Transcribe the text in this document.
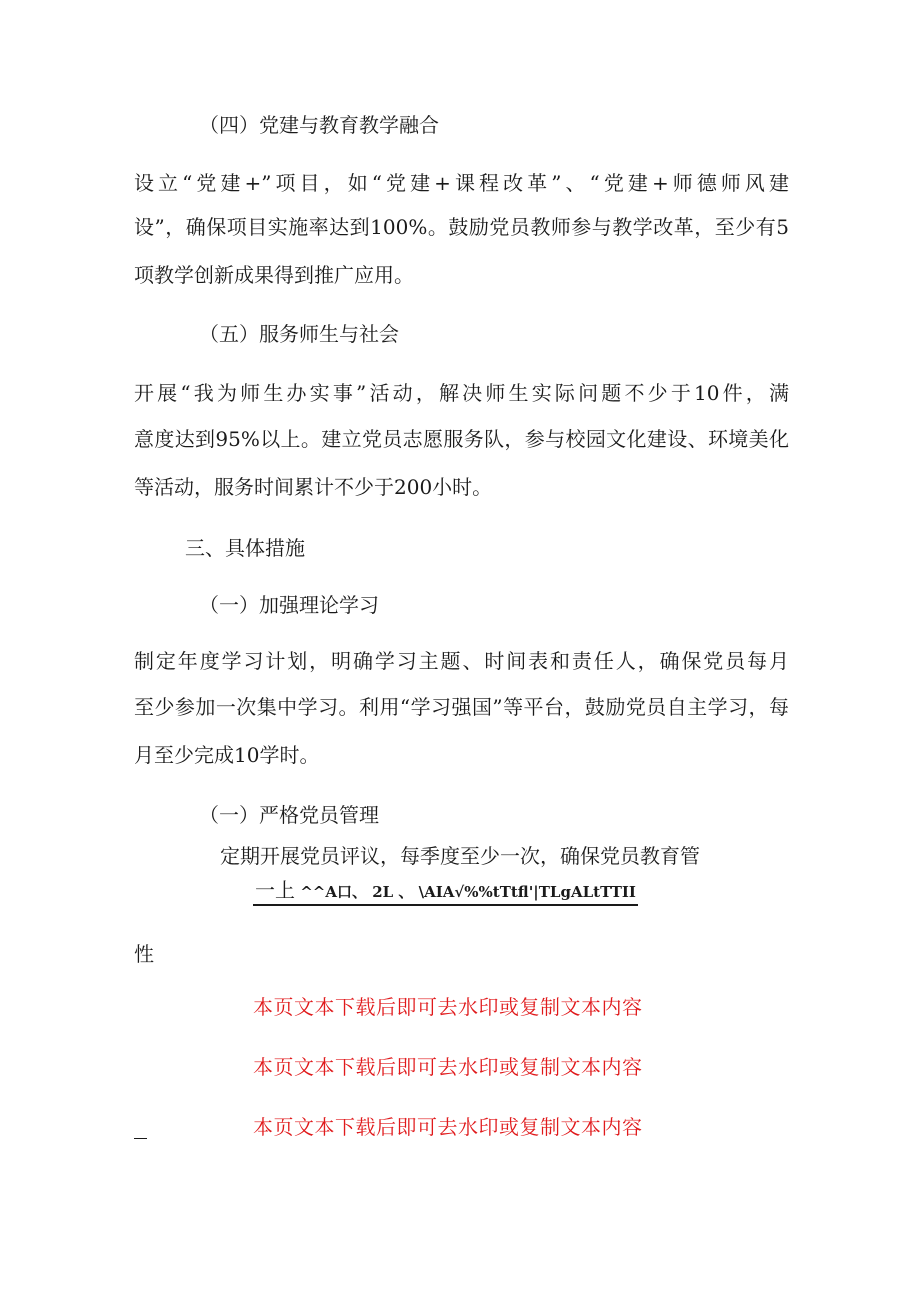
（四）党建与教育教学融合
设立“党建+”项目，如“党建+课程改革”、“党建+师德师风建
设”，确保项目实施率达到100%。鼓励党员教师参与教学改革，至少有5
项教学创新成果得到推广应用。
（五）服务师生与社会
开展“我为师生办实事”活动，解决师生实际问题不少于10件，满
意度达到95%以上。建立党员志愿服务队，参与校园文化建设、环境美化
等活动，服务时间累计不少于200小时。
三、具体措施
（一）加强理论学习
制定年度学习计划，明确学习主题、时间表和责任人，确保党员每月
至少参加一次集中学习。利用“学习强国”等平台，鼓励党员自主学习，每
月至少完成10学时。
（一）严格党员管理
定期开展党员评议，每季度至少一次，确保党员教育管
一上 ^^A口、 2L 、 \AIA√%%tTtfl'|TLgALtTTII
性
本页文本下载后即可去水印或复制文本内容
本页文本下载后即可去水印或复制文本内容
本页文本下载后即可去水印或复制文本内容
